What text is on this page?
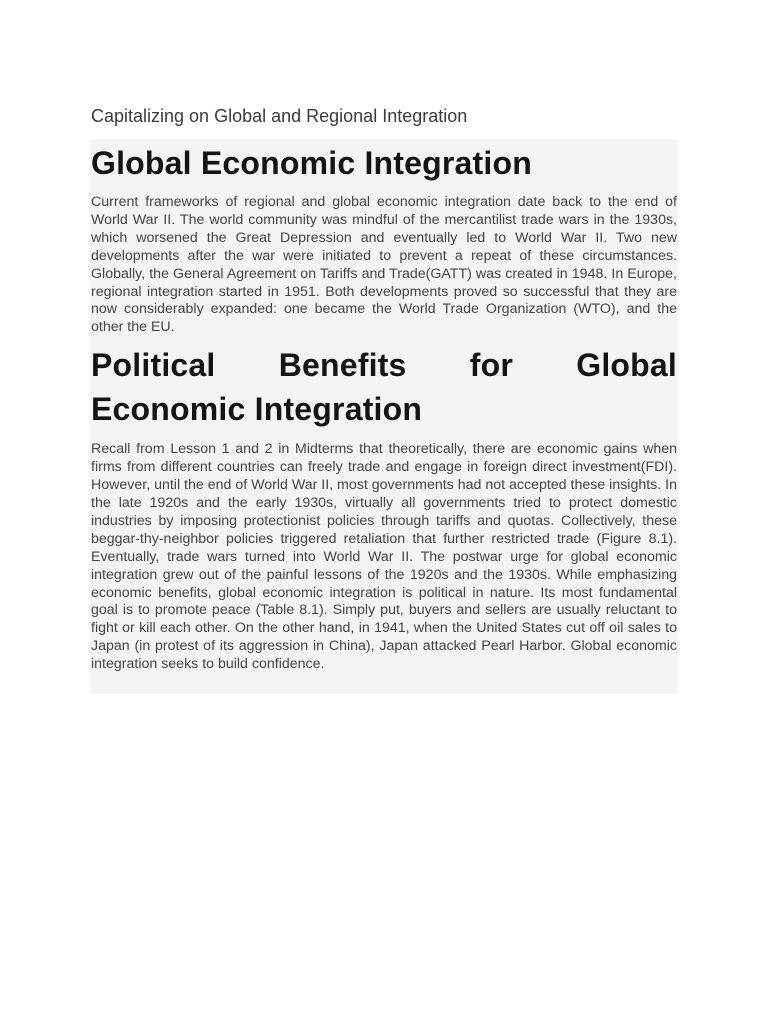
Capitalizing on Global and Regional Integration
Global Economic Integration

Current frameworks of regional and global economic integration date back to the end of World War II. The world community was mindful of the mercantilist trade wars in the 1930s, which worsened the Great Depression and eventually led to World War II. Two new developments after the war were initiated to prevent a repeat of these circumstances. Globally, the General Agreement on Tariffs and Trade(GATT) was created in 1948. In Europe, regional integration started in 1951. Both developments proved so successful that they are now considerably expanded: one became the World Trade Organization (WTO), and the other the EU.

Political Benefits for Global
Economic Integration

Recall from Lesson 1 and 2 in Midterms that theoretically, there are economic gains when firms from different countries can freely trade and engage in foreign direct investment(FDI). However, until the end of World War II, most governments had not accepted these insights. In the late 1920s and the early 1930s, virtually all governments tried to protect domestic industries by imposing protectionist policies through tariffs and quotas. Collectively, these beggar-thy-neighbor policies triggered retaliation that further restricted trade (Figure 8.1). Eventually, trade wars turned into World War II. The postwar urge for global economic integration grew out of the painful lessons of the 1920s and the 1930s. While emphasizing economic benefits, global economic integration is political in nature. Its most fundamental goal is to promote peace (Table 8.1). Simply put, buyers and sellers are usually reluctant to fight or kill each other. On the other hand, in 1941, when the United States cut off oil sales to Japan (in protest of its aggression in China), Japan attacked Pearl Harbor. Global economic integration seeks to build confidence.
